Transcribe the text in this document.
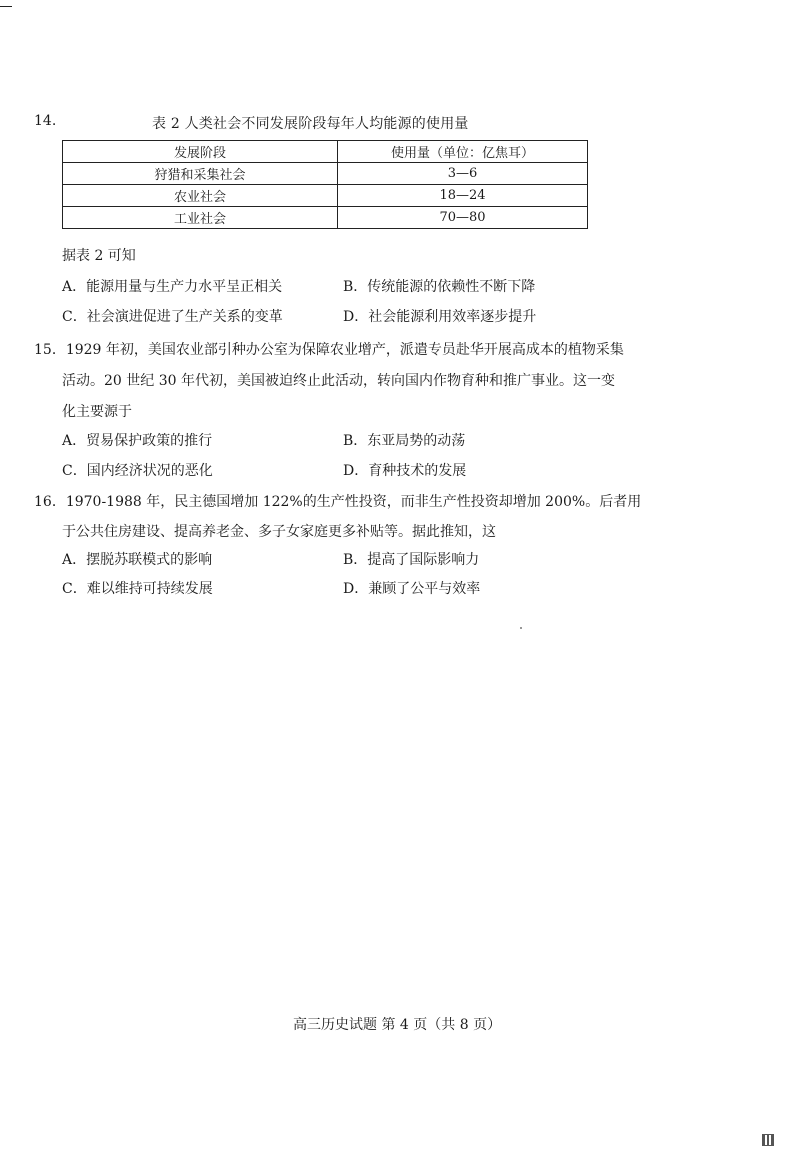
14.	表 2 人类社会不同发展阶段每年人均能源的使用量
发展阶段	使用量（单位：亿焦耳）
狩猎和采集社会	3—6
农业社会	18—24
工业社会	70—80
据表 2 可知
A．能源用量与生产力水平呈正相关	B．传统能源的依赖性不断下降
C．社会演进促进了生产关系的变革	D．社会能源利用效率逐步提升
15．1929 年初，美国农业部引种办公室为保障农业增产，派遣专员赴华开展高成本的植物采集
活动。20 世纪 30 年代初，美国被迫终止此活动，转向国内作物育种和推广事业。这一变
化主要源于
A．贸易保护政策的推行	B．东亚局势的动荡
C．国内经济状况的恶化	D．育种技术的发展
16．1970-1988 年，民主德国增加 122%的生产性投资，而非生产性投资却增加 200%。后者用
于公共住房建设、提高养老金、多子女家庭更多补贴等。据此推知，这
A．摆脱苏联模式的影响	B．提高了国际影响力
C．难以维持可持续发展	D．兼顾了公平与效率
高三历史试题 第 4 页（共 8 页）
